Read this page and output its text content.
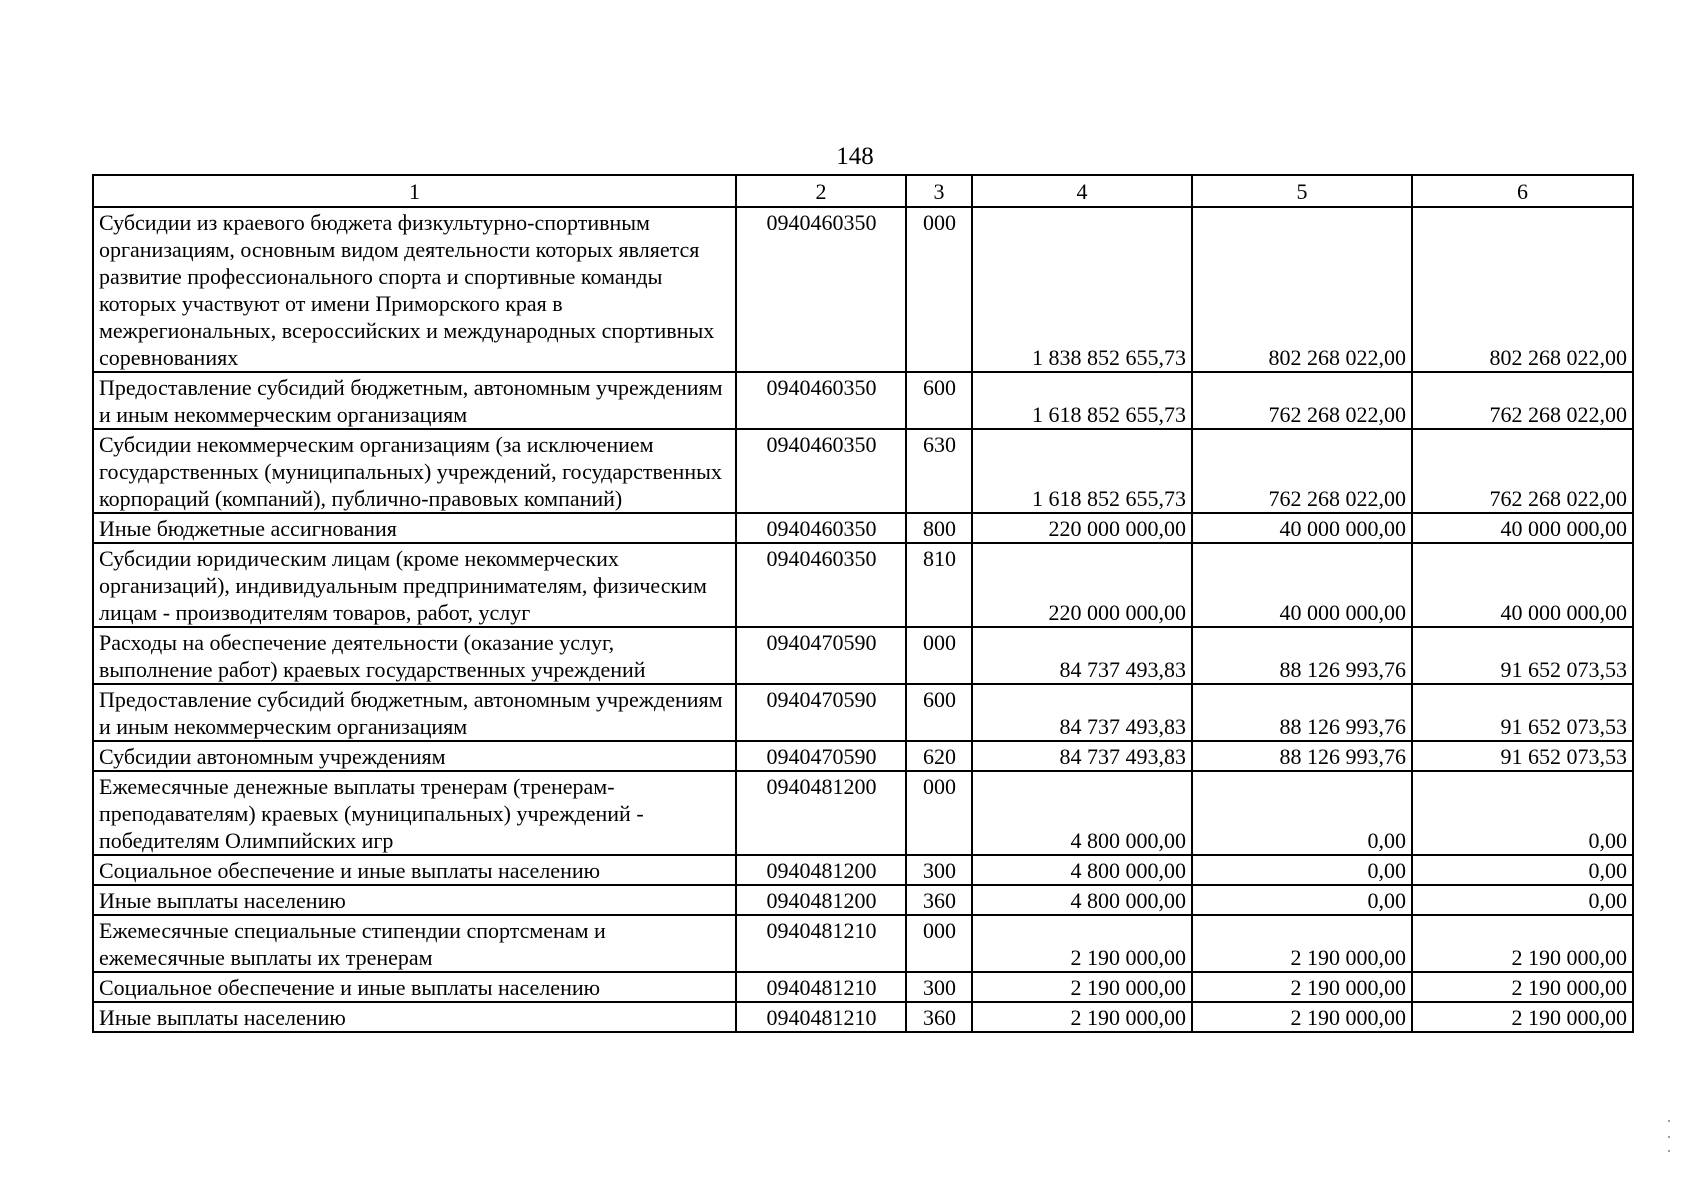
148
1	2	3	4	5	6
Субсидии из краевого бюджета физкультурно-спортивным организациям, основным видом деятельности которых является развитие профессионального спорта и спортивные команды которых участвуют от имени Приморского края в межрегиональных, всероссийских и международных спортивных соревнованиях	0940460350	000	1 838 852 655,73	802 268 022,00	802 268 022,00
Предоставление субсидий бюджетным, автономным учреждениям и иным некоммерческим организациям	0940460350	600	1 618 852 655,73	762 268 022,00	762 268 022,00
Субсидии некоммерческим организациям (за исключением государственных (муниципальных) учреждений, государственных корпораций (компаний), публично-правовых компаний)	0940460350	630	1 618 852 655,73	762 268 022,00	762 268 022,00
Иные бюджетные ассигнования	0940460350	800	220 000 000,00	40 000 000,00	40 000 000,00
Субсидии юридическим лицам (кроме некоммерческих организаций), индивидуальным предпринимателям, физическим лицам - производителям товаров, работ, услуг	0940460350	810	220 000 000,00	40 000 000,00	40 000 000,00
Расходы на обеспечение деятельности (оказание услуг, выполнение работ) краевых государственных учреждений	0940470590	000	84 737 493,83	88 126 993,76	91 652 073,53
Предоставление субсидий бюджетным, автономным учреждениям и иным некоммерческим организациям	0940470590	600	84 737 493,83	88 126 993,76	91 652 073,53
Субсидии автономным учреждениям	0940470590	620	84 737 493,83	88 126 993,76	91 652 073,53
Ежемесячные денежные выплаты тренерам (тренерам-преподавателям) краевых (муниципальных) учреждений - победителям Олимпийских игр	0940481200	000	4 800 000,00	0,00	0,00
Социальное обеспечение и иные выплаты населению	0940481200	300	4 800 000,00	0,00	0,00
Иные выплаты населению	0940481200	360	4 800 000,00	0,00	0,00
Ежемесячные специальные стипендии спортсменам и ежемесячные выплаты их тренерам	0940481210	000	2 190 000,00	2 190 000,00	2 190 000,00
Социальное обеспечение и иные выплаты населению	0940481210	300	2 190 000,00	2 190 000,00	2 190 000,00
Иные выплаты населению	0940481210	360	2 190 000,00	2 190 000,00	2 190 000,00
